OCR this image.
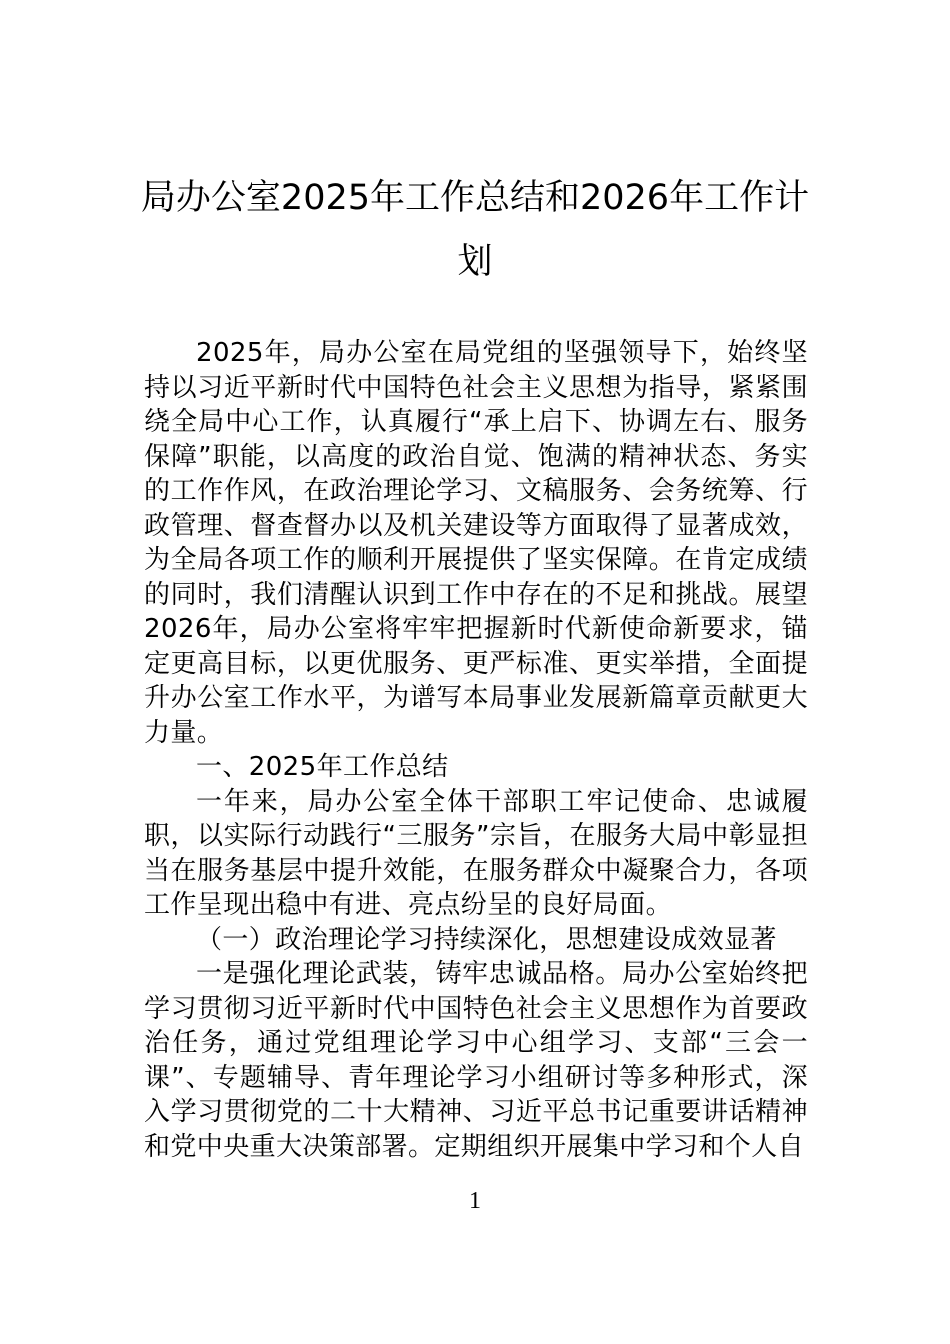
局办公室2025年工作总结和2026年工作计
划

2025年，局办公室在局党组的坚强领导下，始终坚持以习近平新时代中国特色社会主义思想为指导，紧紧围绕全局中心工作，认真履行“承上启下、协调左右、服务保障”职能，以高度的政治自觉、饱满的精神状态、务实的工作作风，在政治理论学习、文稿服务、会务统筹、行政管理、督查督办以及机关建设等方面取得了显著成效，为全局各项工作的顺利开展提供了坚实保障。在肯定成绩的同时，我们清醒认识到工作中存在的不足和挑战。展望2026年，局办公室将牢牢把握新时代新使命新要求，锚定更高目标，以更优服务、更严标准、更实举措，全面提升办公室工作水平，为谱写本局事业发展新篇章贡献更大力量。

一、2025年工作总结

一年来，局办公室全体干部职工牢记使命、忠诚履职，以实际行动践行“三服务”宗旨，在服务大局中彰显担当在服务基层中提升效能，在服务群众中凝聚合力，各项工作呈现出稳中有进、亮点纷呈的良好局面。

（一）政治理论学习持续深化，思想建设成效显著

一是强化理论武装，铸牢忠诚品格。局办公室始终把学习贯彻习近平新时代中国特色社会主义思想作为首要政治任务，通过党组理论学习中心组学习、支部“三会一课”、专题辅导、青年理论学习小组研讨等多种形式，深入学习贯彻党的二十大精神、习近平总书记重要讲话精神和党中央重大决策部署。定期组织开展集中学习和个人自

1
